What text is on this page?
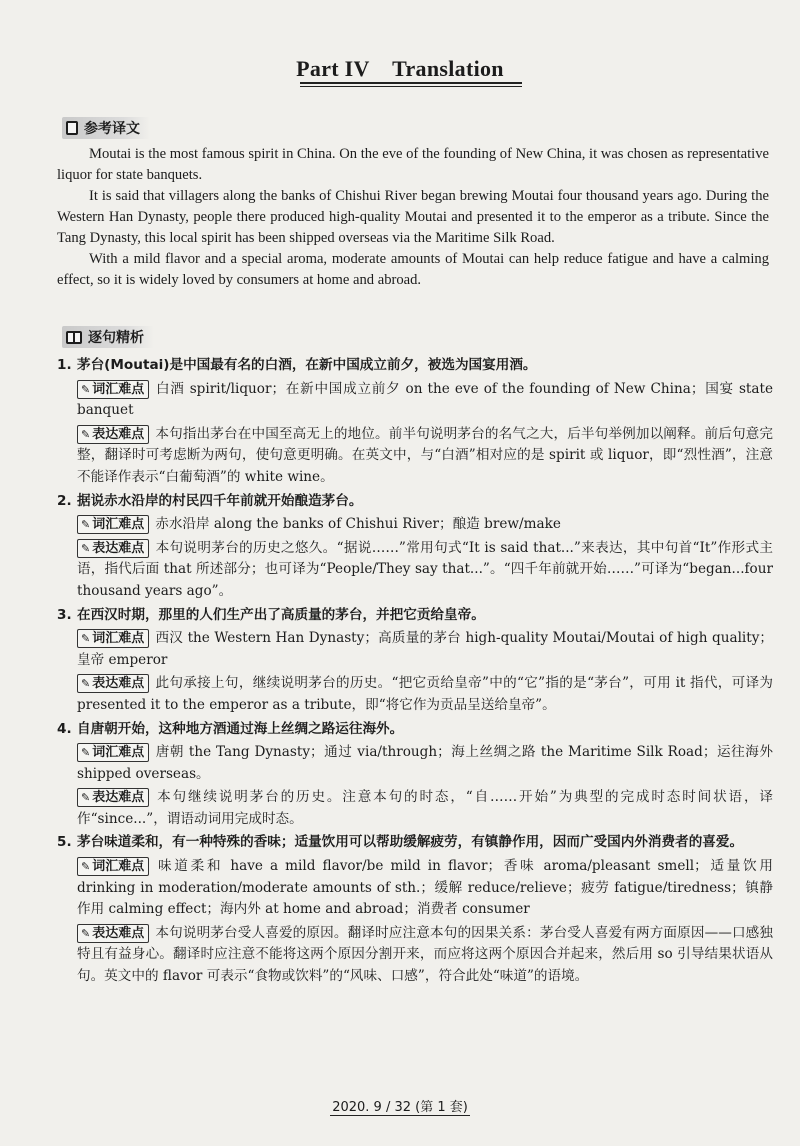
Part IV    Translation
参考译文

Moutai is the most famous spirit in China. On the eve of the founding of New China, it was chosen as representative liquor for state banquets.

It is said that villagers along the banks of Chishui River began brewing Moutai four thousand years ago. During the Western Han Dynasty, people there produced high-quality Moutai and presented it to the emperor as a tribute. Since the Tang Dynasty, this local spirit has been shipped overseas via the Maritime Silk Road.

With a mild flavor and a special aroma, moderate amounts of Moutai can help reduce fatigue and have a calming effect, so it is widely loved by consumers at home and abroad.

逐句精析
1. 茅台(Moutai)是中国最有名的白酒，在新中国成立前夕，被选为国宴用酒。
✎ 词汇难点 白酒 spirit/liquor；在新中国成立前夕 on the eve of the founding of New China；国宴 state banquet
✎ 表达难点 本句指出茅台在中国至高无上的地位。前半句说明茅台的名气之大，后半句举例加以阐释。前后句意完整，翻译时可考虑断为两句，使句意更明确。在英文中，与“白酒”相对应的是 spirit 或 liquor，即“烈性酒”，注意不能译作表示“白葡萄酒”的 white wine。
2. 据说赤水沿岸的村民四千年前就开始酿造茅台。
✎ 词汇难点 赤水沿岸 along the banks of Chishui River；酿造 brew/make
✎ 表达难点 本句说明茅台的历史之悠久。“据说……”常用句式“It is said that...”来表达，其中句首“It”作形式主语，指代后面 that 所述部分；也可译为“People/They say that...”。“四千年前就开始……”可译为“began...four thousand years ago”。
3. 在西汉时期，那里的人们生产出了高质量的茅台，并把它贡给皇帝。
✎ 词汇难点 西汉 the Western Han Dynasty；高质量的茅台 high-quality Moutai/Moutai of high quality；皇帝 emperor
✎ 表达难点 此句承接上句，继续说明茅台的历史。“把它贡给皇帝”中的“它”指的是“茅台”，可用 it 指代，可译为 presented it to the emperor as a tribute，即“将它作为贡品呈送给皇帝”。
4. 自唐朝开始，这种地方酒通过海上丝绸之路运往海外。
✎ 词汇难点 唐朝 the Tang Dynasty；通过 via/through；海上丝绸之路 the Maritime Silk Road；运往海外 shipped overseas。
✎ 表达难点 本句继续说明茅台的历史。注意本句的时态，“自……开始”为典型的完成时态时间状语，译作“since...”，谓语动词用完成时态。
5. 茅台味道柔和，有一种特殊的香味；适量饮用可以帮助缓解疲劳，有镇静作用，因而广受国内外消费者的喜爱。
✎ 词汇难点 味道柔和 have a mild flavor/be mild in flavor；香味 aroma/pleasant smell；适量饮用 drinking in moderation/moderate amounts of sth.；缓解 reduce/relieve；疲劳 fatigue/tiredness；镇静作用 calming effect；海内外 at home and abroad；消费者 consumer
✎ 表达难点 本句说明茅台受人喜爱的原因。翻译时应注意本句的因果关系：茅台受人喜爱有两方面原因——口感独特且有益身心。翻译时应注意不能将这两个原因分割开来，而应将这两个原因合并起来，然后用 so 引导结果状语从句。英文中的 flavor 可表示“食物或饮料”的“风味、口感”，符合此处“味道”的语境。
2020. 9 / 32 (第 1 套)
